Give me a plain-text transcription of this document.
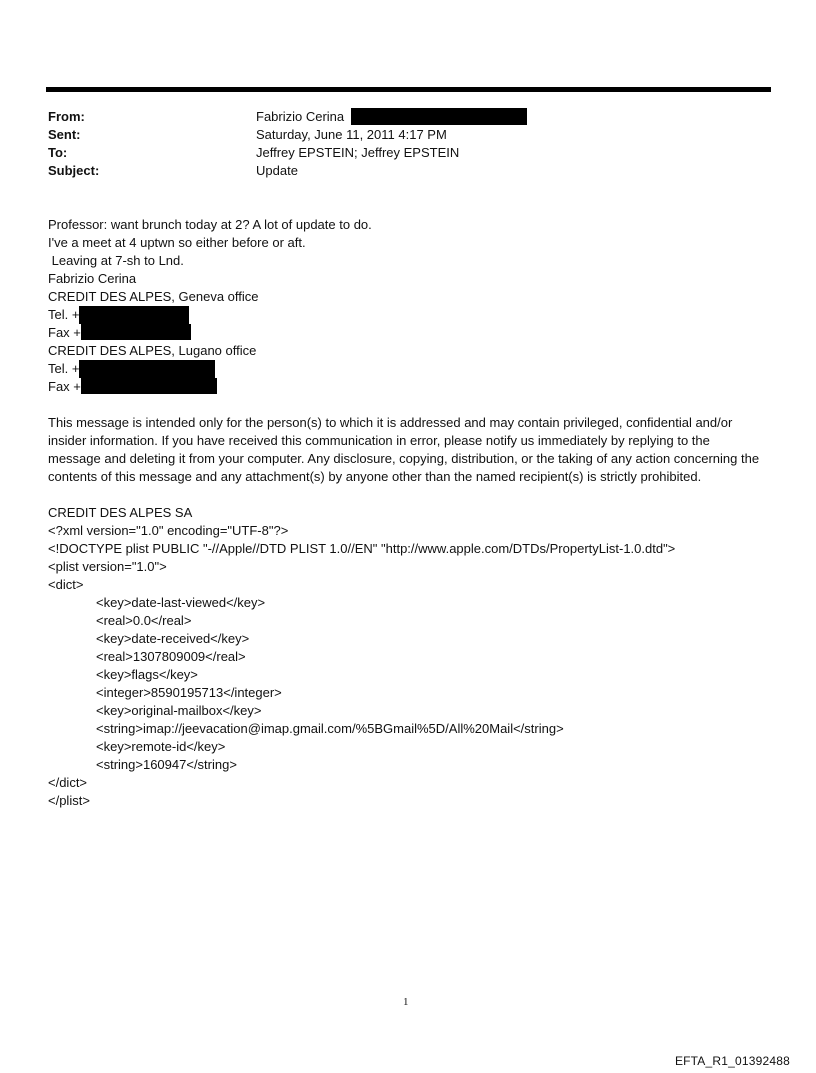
From:	Fabrizio Cerina
Sent:	Saturday, June 11, 2011 4:17 PM
To:	Jeffrey EPSTEIN; Jeffrey EPSTEIN
Subject:	Update
Professor: want brunch today at 2? A lot of update to do.
I've a meet at 4 uptwn so either before or aft.
Leaving at 7-sh to Lnd.
Fabrizio Cerina
CREDIT DES ALPES, Geneva office
Tel. +
Fax +
CREDIT DES ALPES, Lugano office
Tel. +
Fax +
This message is intended only for the person(s) to which it is addressed and may contain privileged, confidential and/or insider information. If you have received this communication in error, please notify us immediately by replying to the message and deleting it from your computer. Any disclosure, copying, distribution, or the taking of any action concerning the contents of this message and any attachment(s) by anyone other than the named recipient(s) is strictly prohibited.
CREDIT DES ALPES SA
<?xml version="1.0" encoding="UTF-8"?>
<!DOCTYPE plist PUBLIC "-//Apple//DTD PLIST 1.0//EN" "http://www.apple.com/DTDs/PropertyList-1.0.dtd">
<plist version="1.0">
<dict>
<key>date-last-viewed</key>
<real>0.0</real>
<key>date-received</key>
<real>1307809009</real>
<key>flags</key>
<integer>8590195713</integer>
<key>original-mailbox</key>
<string>imap://jeevacation@imap.gmail.com/%5BGmail%5D/All%20Mail</string>
<key>remote-id</key>
<string>160947</string>
</dict>
</plist>
1
EFTA_R1_01392488
